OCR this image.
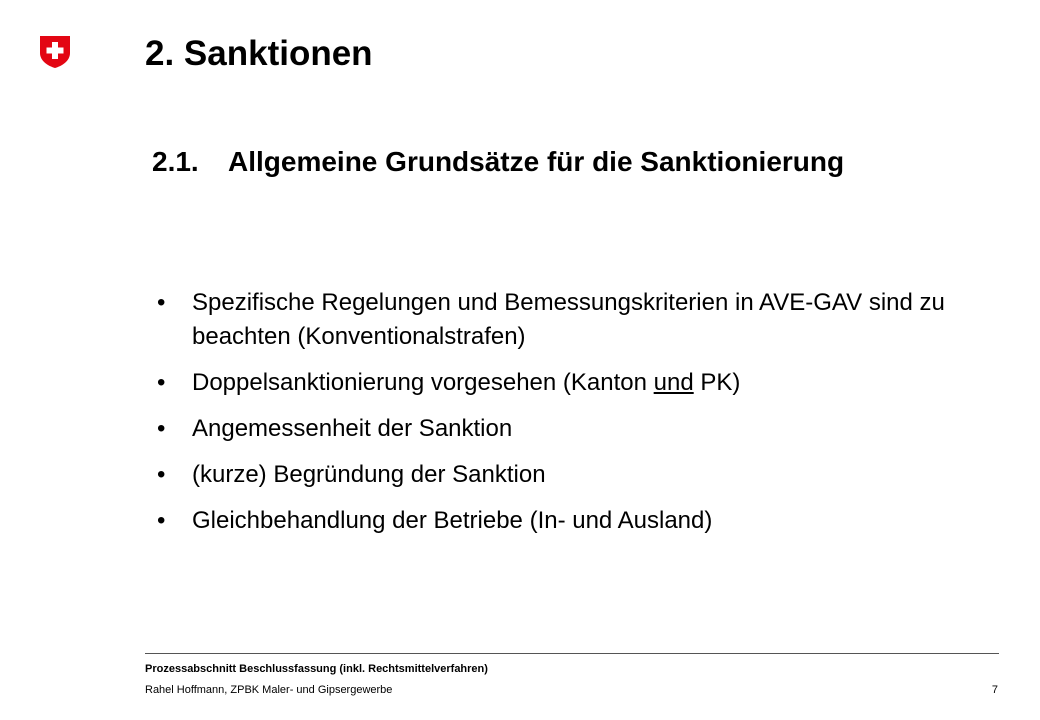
2. Sanktionen
2.1. Allgemeine Grundsätze für die Sanktionierung
• Spezifische Regelungen und Bemessungskriterien in AVE-GAV sind zu beachten (Konventionalstrafen)
• Doppelsanktionierung vorgesehen (Kanton und PK)
• Angemessenheit der Sanktion
• (kurze) Begründung der Sanktion
• Gleichbehandlung der Betriebe (In- und Ausland)
Prozessabschnitt Beschlussfassung (inkl. Rechtsmittelverfahren)
Rahel Hoffmann, ZPBK Maler- und Gipsergewerbe	7
